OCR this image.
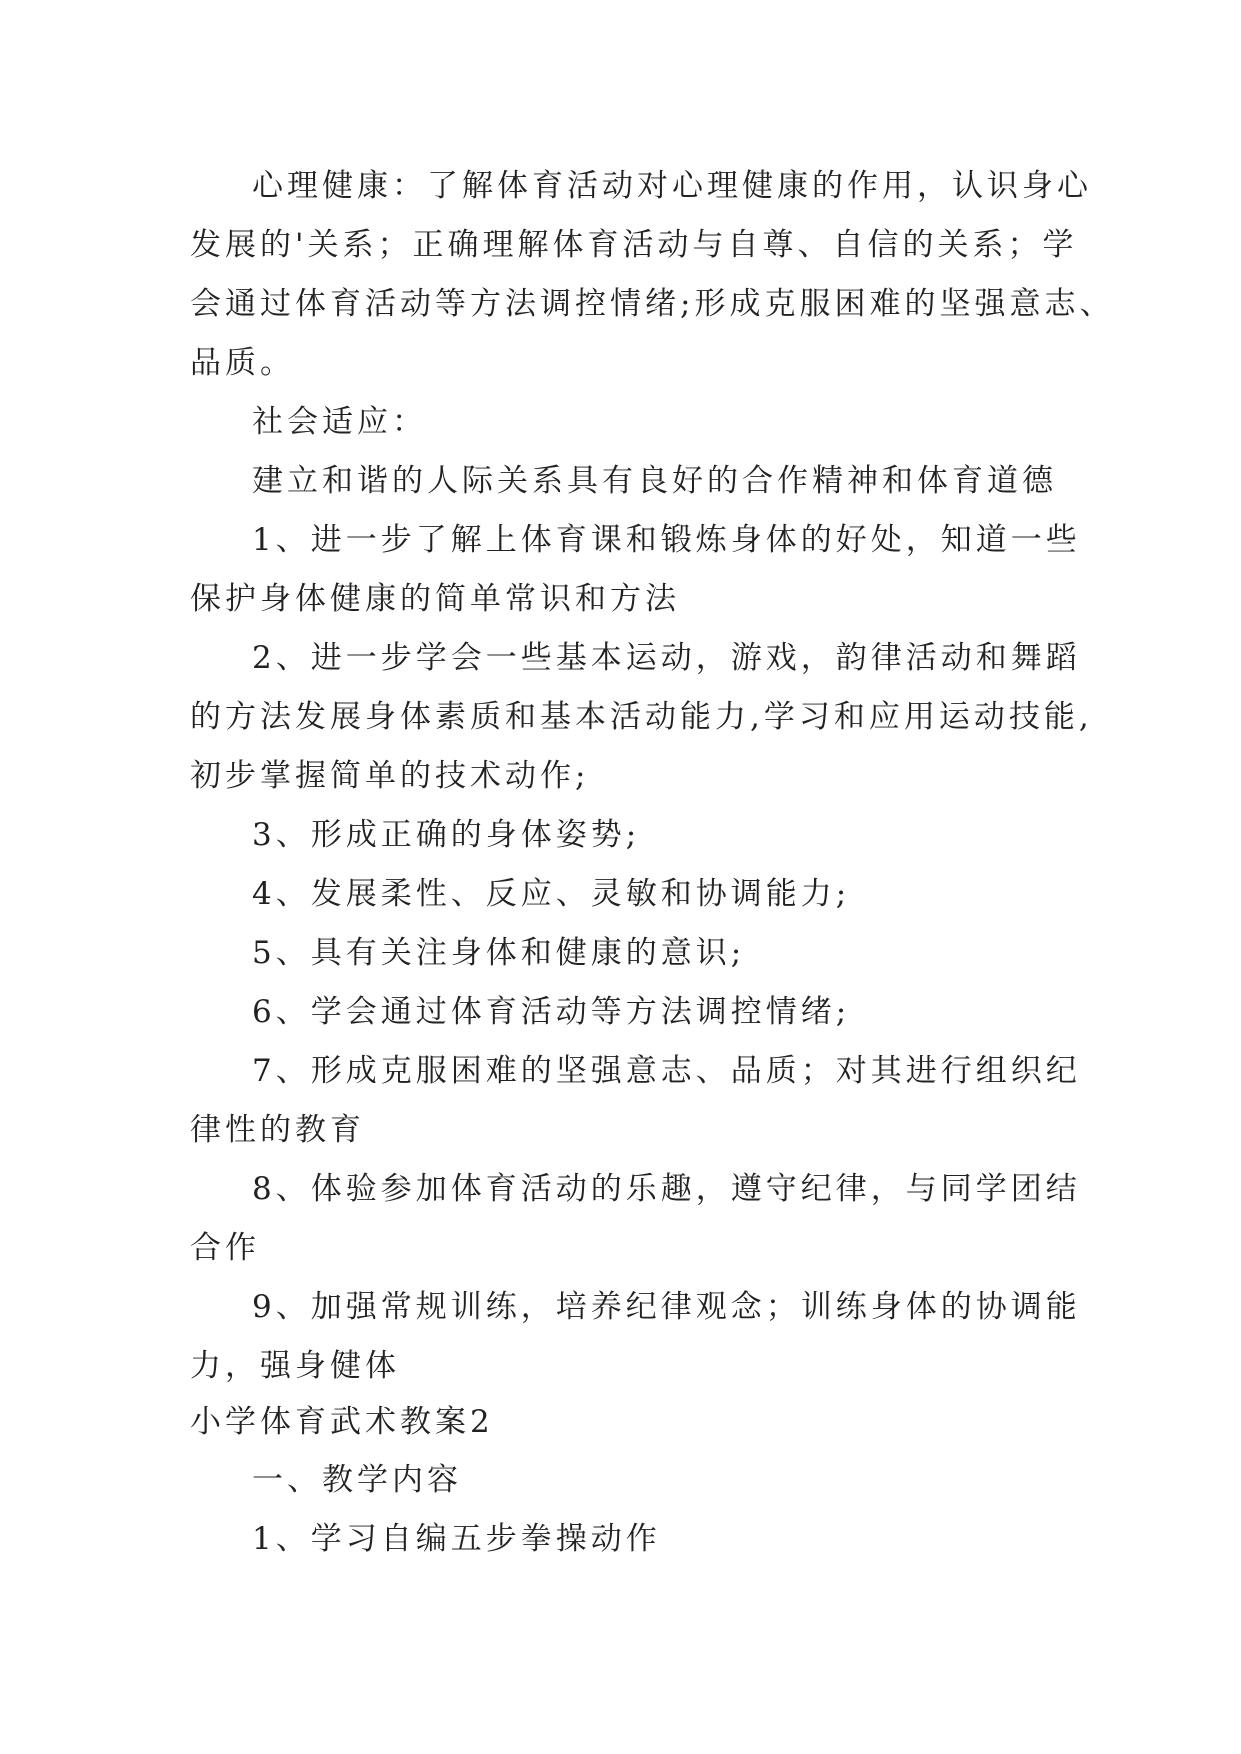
心理健康：了解体育活动对心理健康的作用，认识身心
发展的'关系；正确理解体育活动与自尊、自信的关系；学
会通过体育活动等方法调控情绪;形成克服困难的坚强意志、
品质。
社会适应：
建立和谐的人际关系具有良好的合作精神和体育道德
1、进一步了解上体育课和锻炼身体的好处，知道一些
保护身体健康的简单常识和方法
2、进一步学会一些基本运动，游戏，韵律活动和舞蹈
的方法发展身体素质和基本活动能力,学习和应用运动技能,
初步掌握简单的技术动作;
3、形成正确的身体姿势;
4、发展柔性、反应、灵敏和协调能力;
5、具有关注身体和健康的意识;
6、学会通过体育活动等方法调控情绪;
7、形成克服困难的坚强意志、品质；对其进行组织纪
律性的教育
8、体验参加体育活动的乐趣，遵守纪律，与同学团结
合作
9、加强常规训练，培养纪律观念；训练身体的协调能
力，强身健体
小学体育武术教案2
一、教学内容
1、学习自编五步拳操动作
